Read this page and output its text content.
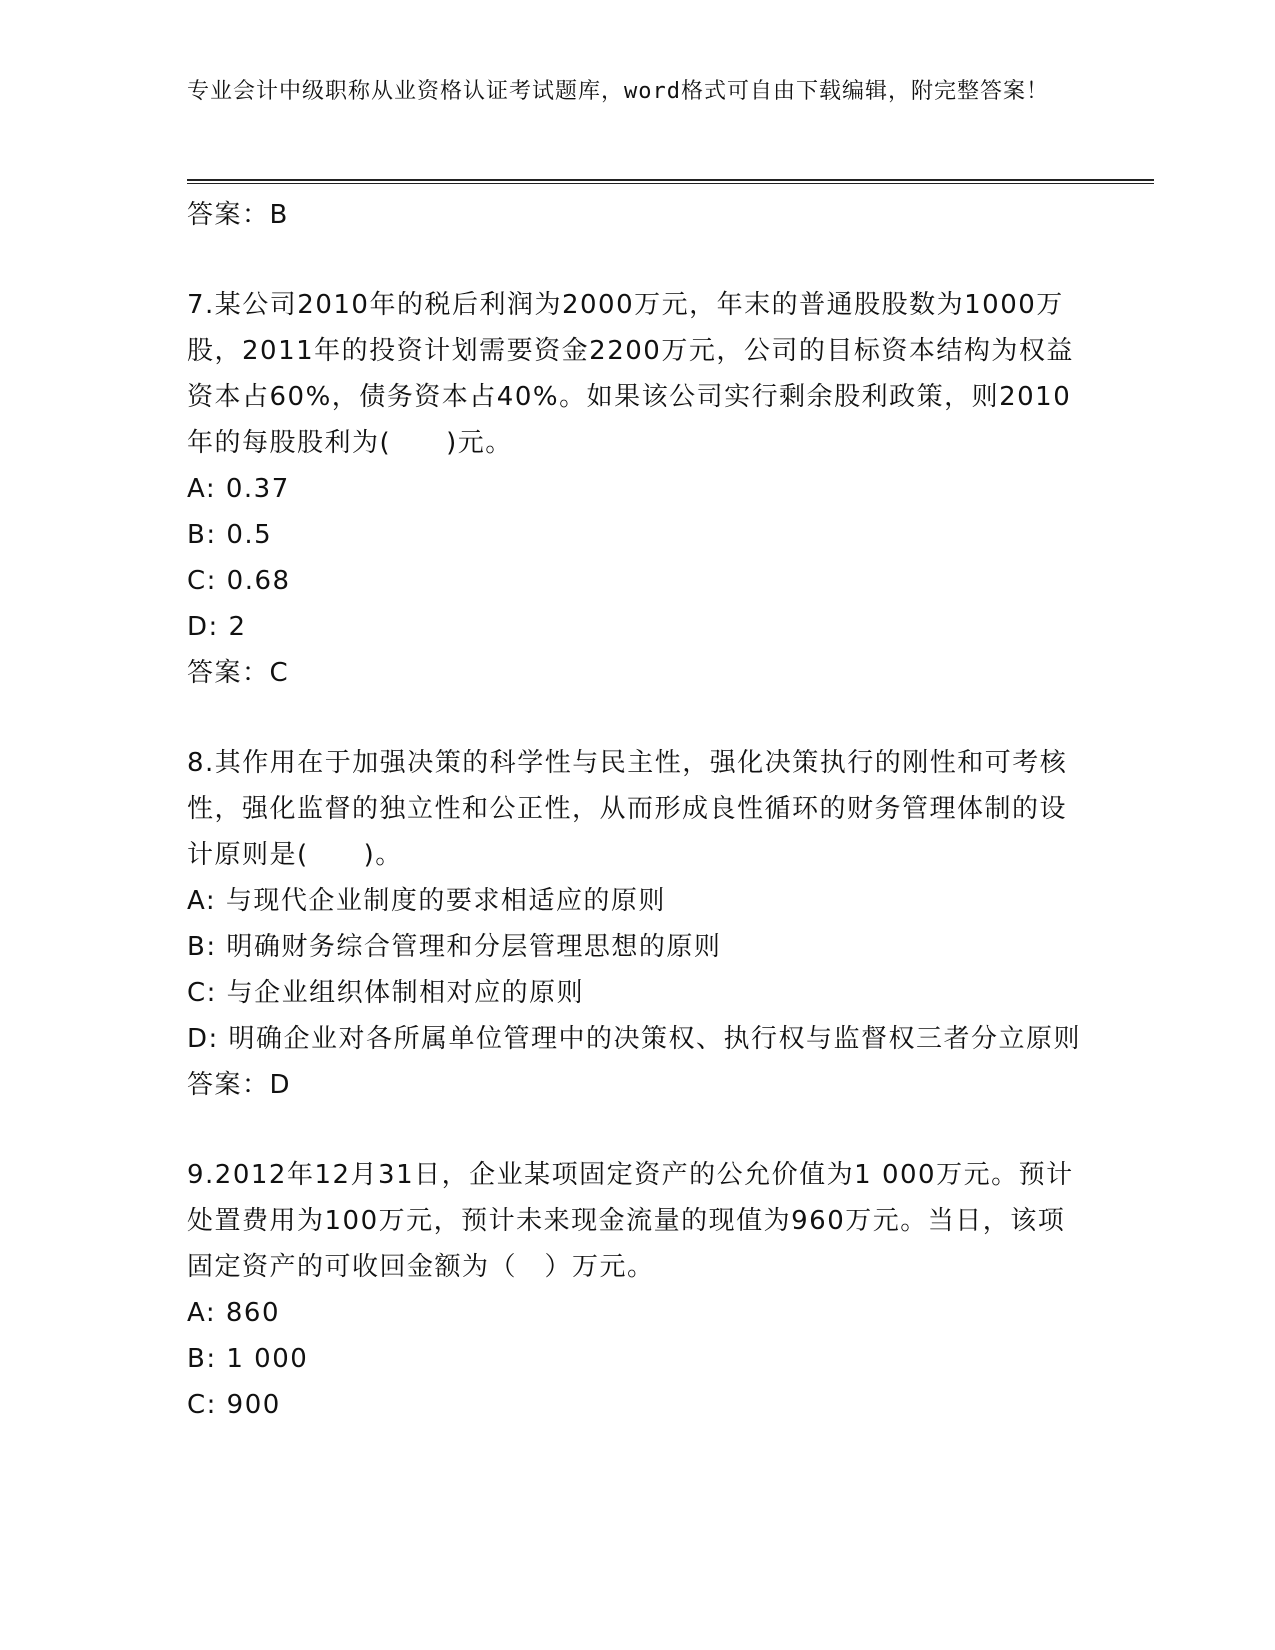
专业会计中级职称从业资格认证考试题库，word格式可自由下载编辑，附完整答案！
答案：B
7.某公司2010年的税后利润为2000万元，年末的普通股股数为1000万股，2011年的投资计划需要资金2200万元，公司的目标资本结构为权益资本占60%，债务资本占40%。如果该公司实行剩余股利政策，则2010年的每股股利为(　　)元。
A: 0.37
B: 0.5
C: 0.68
D: 2
答案：C
8.其作用在于加强决策的科学性与民主性，强化决策执行的刚性和可考核性，强化监督的独立性和公正性，从而形成良性循环的财务管理体制的设计原则是(　　)。
A: 与现代企业制度的要求相适应的原则
B: 明确财务综合管理和分层管理思想的原则
C: 与企业组织体制相对应的原则
D: 明确企业对各所属单位管理中的决策权、执行权与监督权三者分立原则
答案：D
9.2012年12月31日，企业某项固定资产的公允价值为1 000万元。预计处置费用为100万元，预计未来现金流量的现值为960万元。当日，该项固定资产的可收回金额为（　）万元。
A: 860
B: 1 000
C: 900
